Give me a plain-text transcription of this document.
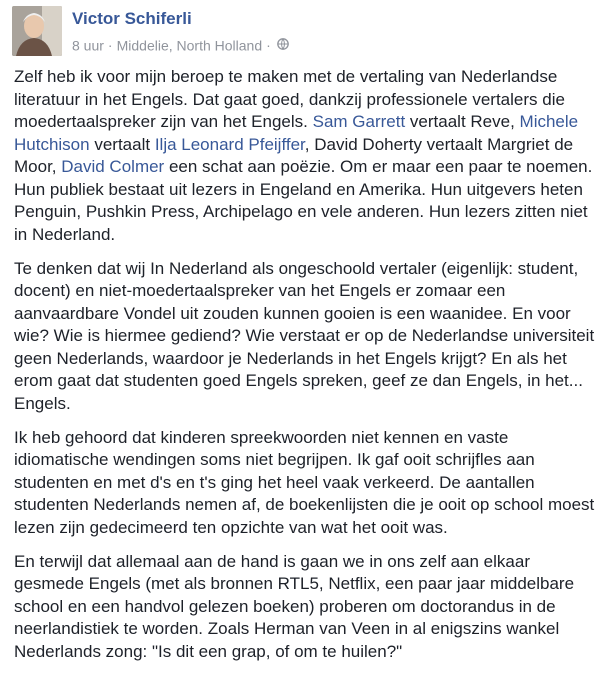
Victor Schiferli
8 uur · Middelie, North Holland ·

Zelf heb ik voor mijn beroep te maken met de vertaling van Nederlandse literatuur in het Engels. Dat gaat goed, dankzij professionele vertalers die moedertaalspreker zijn van het Engels. Sam Garrett vertaalt Reve, Michele Hutchison vertaalt Ilja Leonard Pfeijffer, David Doherty vertaalt Margriet de Moor, David Colmer een schat aan poëzie. Om er maar een paar te noemen. Hun publiek bestaat uit lezers in Engeland en Amerika. Hun uitgevers heten Penguin, Pushkin Press, Archipelago en vele anderen. Hun lezers zitten niet in Nederland.

Te denken dat wij In Nederland als ongeschoold vertaler (eigenlijk: student, docent) en niet-moedertaalspreker van het Engels er zomaar een aanvaardbare Vondel uit zouden kunnen gooien is een waanidee. En voor wie? Wie is hiermee gediend? Wie verstaat er op de Nederlandse universiteit geen Nederlands, waardoor je Nederlands in het Engels krijgt? En als het erom gaat dat studenten goed Engels spreken, geef ze dan Engels, in het... Engels.

Ik heb gehoord dat kinderen spreekwoorden niet kennen en vaste idiomatische wendingen soms niet begrijpen. Ik gaf ooit schrijfles aan studenten en met d's en t's ging het heel vaak verkeerd. De aantallen studenten Nederlands nemen af, de boekenlijsten die je ooit op school moest lezen zijn gedecimeerd ten opzichte van wat het ooit was.

En terwijl dat allemaal aan de hand is gaan we in ons zelf aan elkaar gesmede Engels (met als bronnen RTL5, Netflix, een paar jaar middelbare school en een handvol gelezen boeken) proberen om doctorandus in de neerlandistiek te worden. Zoals Herman van Veen in al enigszins wankel Nederlands zong: "Is dit een grap, of om te huilen?"
